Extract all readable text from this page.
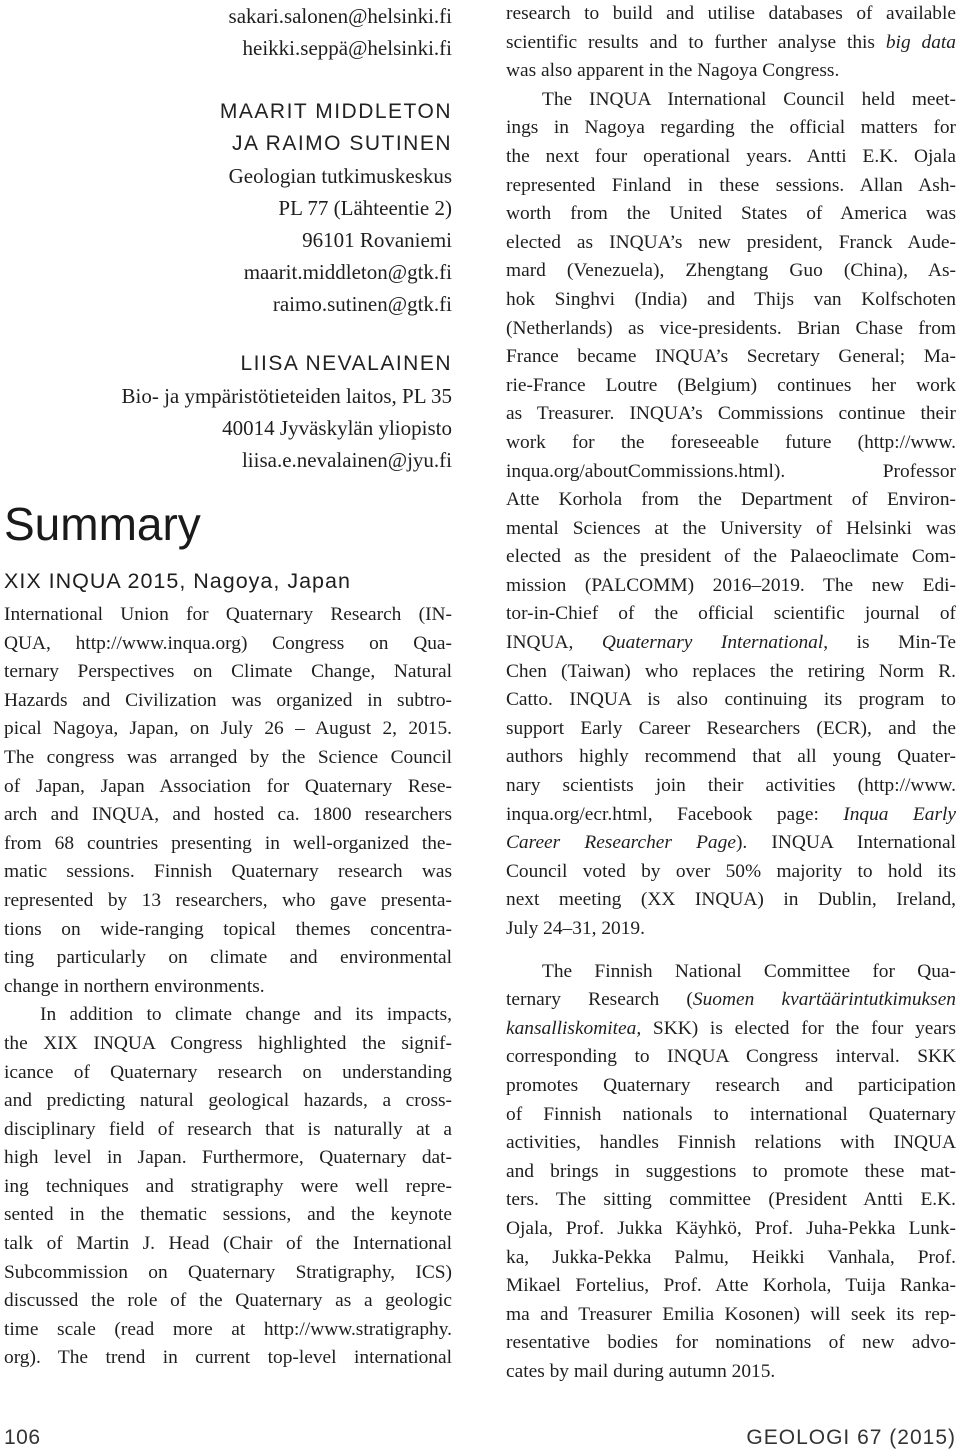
sakari.salonen@helsinki.fi
heikki.seppä@helsinki.fi
MAARIT MIDDLETON
JA RAIMO SUTINEN
Geologian tutkimuskeskus
PL 77 (Lähteentie 2)
96101 Rovaniemi
maarit.middleton@gtk.fi
raimo.sutinen@gtk.fi
LIISA NEVALAINEN
Bio- ja ympäristötieteiden laitos, PL 35
40014 Jyväskylän yliopisto
liisa.e.nevalainen@jyu.fi
Summary
XIX INQUA 2015, Nagoya, Japan
International Union for Quaternary Research (IN-
QUA, http://www.inqua.org) Congress on Qua-
ternary Perspectives on Climate Change, Natural
Hazards and Civilization was organized in subtro-
pical Nagoya, Japan, on July 26 – August 2, 2015.
The congress was arranged by the Science Council
of Japan, Japan Association for Quaternary Rese-
arch and INQUA, and hosted ca. 1800 researchers
from 68 countries presenting in well-organized the-
matic sessions. Finnish Quaternary research was
represented by 13 researchers, who gave presenta-
tions on wide-ranging topical themes concentra-
ting particularly on climate and environmental
change in northern environments.
In addition to climate change and its impacts,
the XIX INQUA Congress highlighted the signif-
icance of Quaternary research on understanding
and predicting natural geological hazards, a cross-
disciplinary field of research that is naturally at a
high level in Japan. Furthermore, Quaternary dat-
ing techniques and stratigraphy were well repre-
sented in the thematic sessions, and the keynote
talk of Martin J. Head (Chair of the International
Subcommission on Quaternary Stratigraphy, ICS)
discussed the role of the Quaternary as a geologic
time scale (read more at http://www.stratigraphy.
org). The trend in current top-level international
research to build and utilise databases of available
scientific results and to further analyse this big data
was also apparent in the Nagoya Congress.
The INQUA International Council held meet-
ings in Nagoya regarding the official matters for
the next four operational years. Antti E.K. Ojala
represented Finland in these sessions. Allan Ash-
worth from the United States of America was
elected as INQUA’s new president, Franck Aude-
mard (Venezuela), Zhengtang Guo (China), As-
hok Singhvi (India) and Thijs van Kolfschoten
(Netherlands) as vice-presidents. Brian Chase from
France became INQUA’s Secretary General; Ma-
rie-France Loutre (Belgium) continues her work
as Treasurer. INQUA’s Commissions continue their
work for the foreseeable future (http://www.
inqua.org/aboutCommissions.html). Professor
Atte Korhola from the Department of Environ-
mental Sciences at the University of Helsinki was
elected as the president of the Palaeoclimate Com-
mission (PALCOMM) 2016–2019. The new Edi-
tor-in-Chief of the official scientific journal of
INQUA, Quaternary International, is Min-Te
Chen (Taiwan) who replaces the retiring Norm R.
Catto. INQUA is also continuing its program to
support Early Career Researchers (ECR), and the
authors highly recommend that all young Quater-
nary scientists join their activities (http://www.
inqua.org/ecr.html, Facebook page: Inqua Early
Career Researcher Page). INQUA International
Council voted by over 50% majority to hold its
next meeting (XX INQUA) in Dublin, Ireland,
July 24–31, 2019.
The Finnish National Committee for Qua-
ternary Research (Suomen kvartäärintutkimuksen
kansalliskomitea, SKK) is elected for the four years
corresponding to INQUA Congress interval. SKK
promotes Quaternary research and participation
of Finnish nationals to international Quaternary
activities, handles Finnish relations with INQUA
and brings in suggestions to promote these mat-
ters. The sitting committee (President Antti E.K.
Ojala, Prof. Jukka Käyhkö, Prof. Juha-Pekka Lunk-
ka, Jukka-Pekka Palmu, Heikki Vanhala, Prof.
Mikael Fortelius, Prof. Atte Korhola, Tuija Ranka-
ma and Treasurer Emilia Kosonen) will seek its rep-
resentative bodies for nominations of new advo-
cates by mail during autumn 2015.
106	GEOLOGI 67 (2015)
